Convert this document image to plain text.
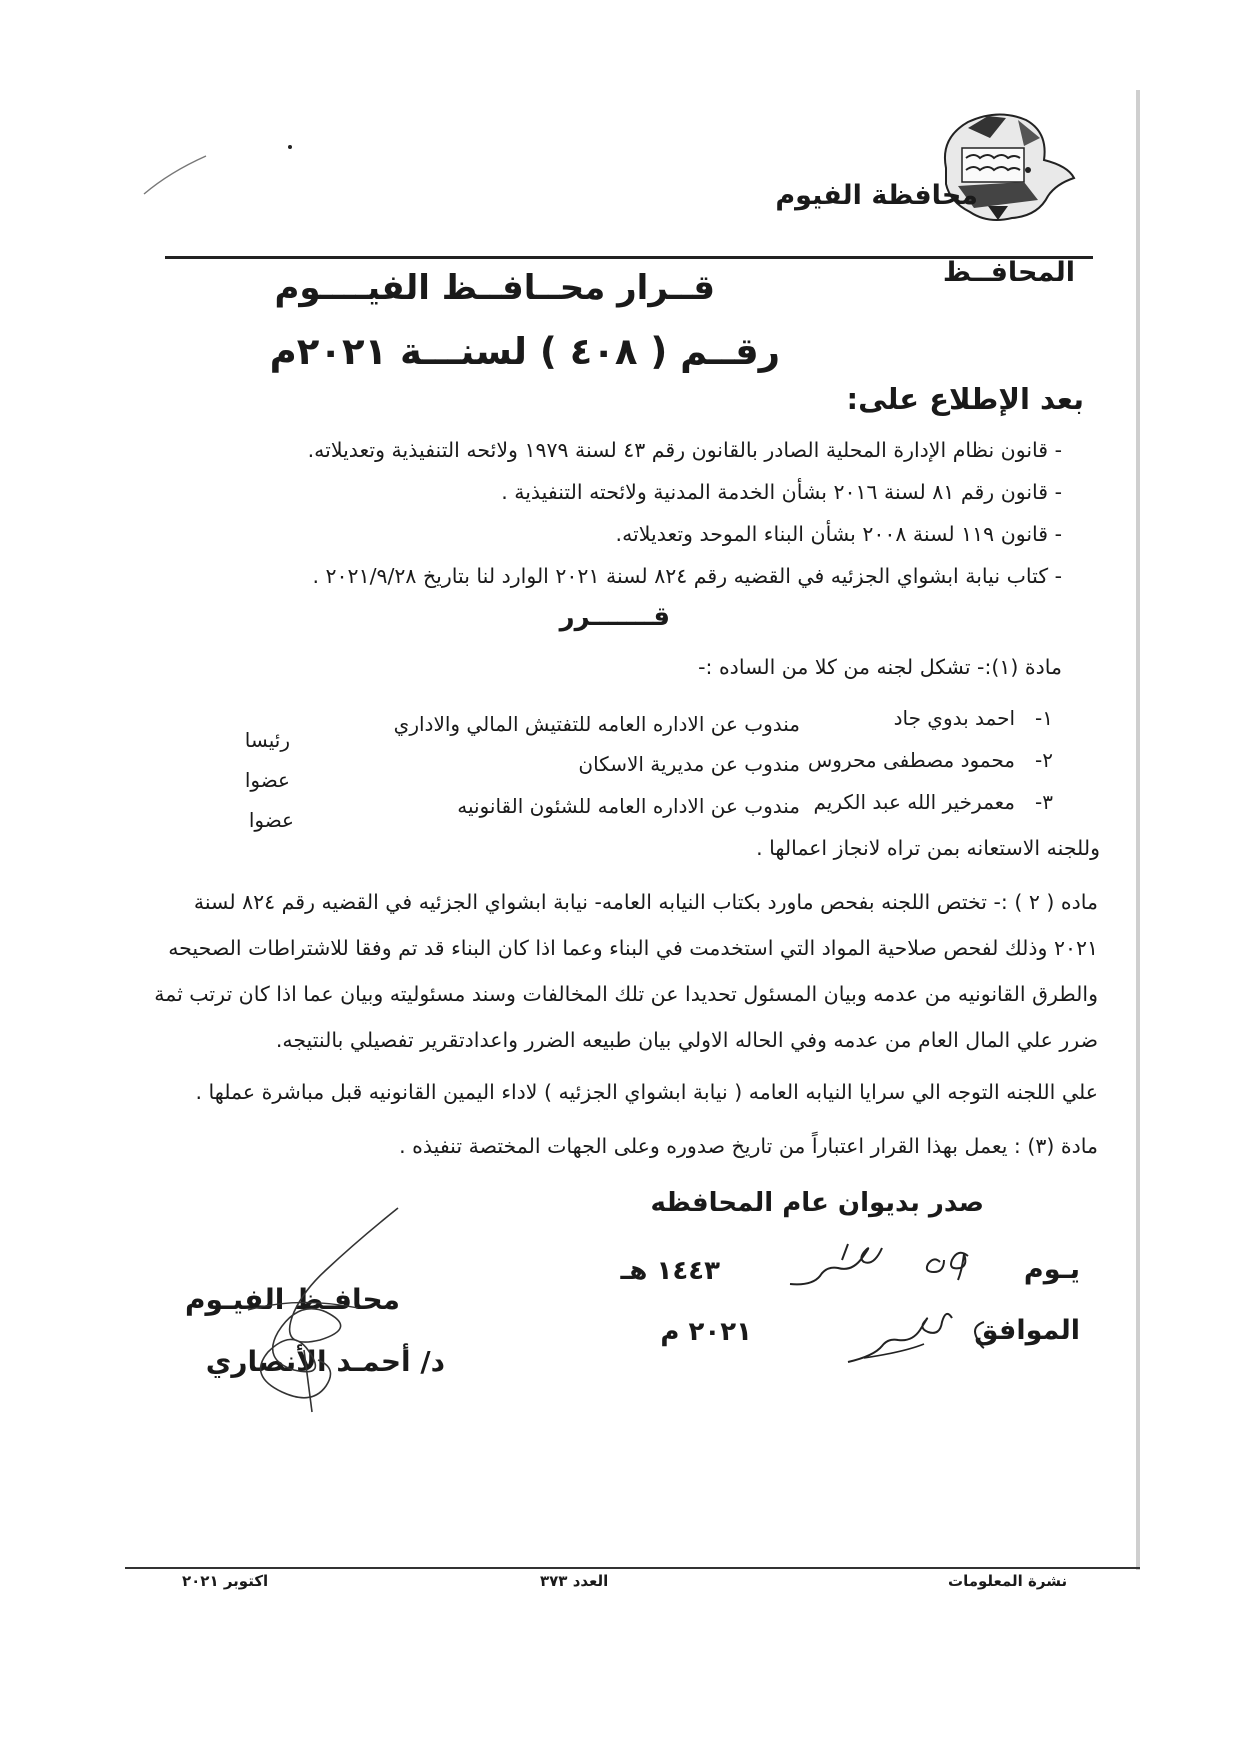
محافظة الفيوم
المحافــظ
قــرار محــافــظ الفيــــوم
رقــم ( ٤٠٨ ) لسنـــة ٢٠٢١م
بعد الإطلاع على:
- قانون نظام الإدارة المحلية الصادر بالقانون رقم ٤٣ لسنة ١٩٧٩ ولائحه التنفيذية وتعديلاته.
- قانون رقم ٨١ لسنة ٢٠١٦ بشأن الخدمة المدنية ولائحته التنفيذية .
- قانون ١١٩ لسنة ٢٠٠٨ بشأن البناء الموحد وتعديلاته.
- كتاب نيابة ابشواي الجزئيه في القضيه رقم ٨٢٤ لسنة ٢٠٢١ الوارد لنا بتاريخ ٢٠٢١/٩/٢٨ .
قـــــــرر
مادة (١):- تشكل لجنه من كلا من الساده :-
١-
احمد بدوي جاد
مندوب عن الاداره العامه للتفتيش المالي والاداري
رئيسا
٢-
محمود مصطفى محروس
مندوب عن مديرية الاسكان
عضوا
٣-
معمرخير الله عبد الكريم
مندوب عن الاداره العامه للشئون القانونيه
عضوا
وللجنه الاستعانه بمن تراه لانجاز اعمالها .
ماده ( ٢ ) :- تختص اللجنه بفحص ماورد بكتاب النيابه العامه- نيابة ابشواي الجزئيه في القضيه رقم ٨٢٤ لسنة
٢٠٢١ وذلك لفحص صلاحية المواد التي استخدمت في البناء وعما اذا كان البناء قد تم وفقا للاشتراطات الصحيحه
والطرق القانونيه من عدمه وبيان المسئول تحديدا عن تلك المخالفات وسند مسئوليته وبيان عما اذا كان ترتب ثمة
ضرر علي المال العام من عدمه وفي الحاله الاولي بيان طبيعه الضرر واعدادتقرير تفصيلي بالنتيجه.
علي اللجنه التوجه الي سرايا النيابه العامه ( نيابة ابشواي الجزئيه ) لاداء اليمين القانونيه قبل مباشرة عملها .
مادة (٣) : يعمل بهذا القرار اعتباراً من تاريخ صدوره وعلى الجهات المختصة تنفيذه .
صدر بديوان عام المحافظه
يـوم
١٤٤٣ هـ
الموافق
٢٠٢١ م
محافـظ الفيـوم
د/ أحمـد الأنصاري
نشرة المعلومات
العدد ٣٧٣
اكتوبر ٢٠٢١
